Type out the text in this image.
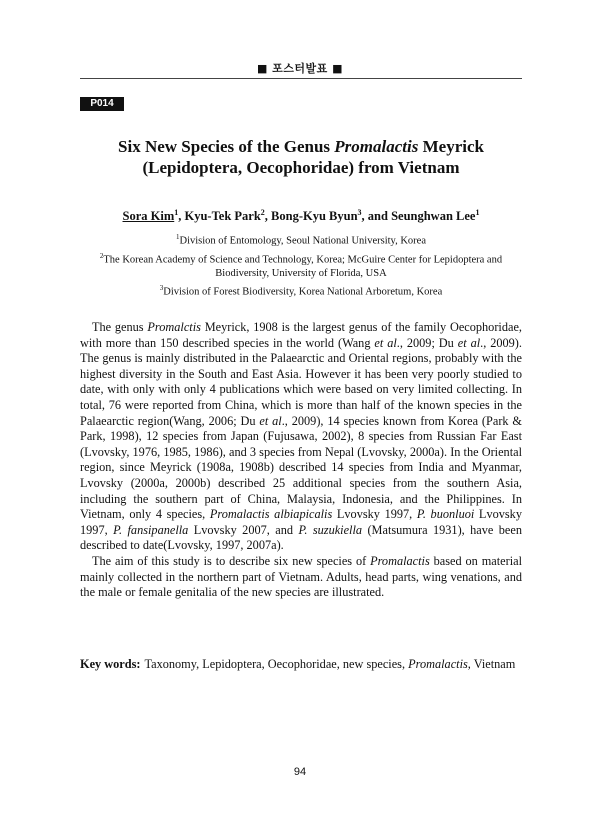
■ 포스터발표 ■
P014
Six New Species of the Genus Promalactis Meyrick
(Lepidoptera, Oecophoridae) from Vietnam
Sora Kim$^1$, Kyu-Tek Park$^2$, Bong-Kyu Byun$^3$, and Seunghwan Lee$^1$
$^1$Division of Entomology, Seoul National University, Korea
$^2$The Korean Academy of Science and Technology, Korea; McGuire Center for Lepidoptera and Biodiversity, University of Florida, USA
$^3$Division of Forest Biodiversity, Korea National Arboretum, Korea

The genus Promalctis Meyrick, 1908 is the largest genus of the family Oecophoridae, with more than 150 described species in the world (Wang et al., 2009; Du et al., 2009). The genus is mainly distributed in the Palaearctic and Oriental regions, probably with the highest diversity in the South and East Asia. However it has been very poorly studied to date, with only with only 4 publications which were based on very limited collecting. In total, 76 were reported from China, which is more than half of the known species in the Palaearctic region(Wang, 2006; Du et al., 2009), 14 species known from Korea (Park & Park, 1998), 12 species from Japan (Fujusawa, 2002), 8 species from Russian Far East (Lvovsky, 1976, 1985, 1986), and 3 species from Nepal (Lvovsky, 2000a). In the Oriental region, since Meyrick (1908a, 1908b) described 14 species from India and Myanmar, Lvovsky (2000a, 2000b) described 25 additional species from the southern Asia, including the southern part of China, Malaysia, Indonesia, and the Philippines. In Vietnam, only 4 species, Promalactis albiapicalis Lvovsky 1997, P. buonluoi Lvovsky 1997, P. fansipanella Lvovsky 2007, and P. suzukiella (Matsumura 1931), have been described to date(Lvovsky, 1997, 2007a).

The aim of this study is to describe six new species of Promalactis based on material mainly collected in the northern part of Vietnam. Adults, head parts, wing venations, and the male or female genitalia of the new species are illustrated.

Key words: Taxonomy, Lepidoptera, Oecophoridae, new species, Promalactis, Vietnam
94
